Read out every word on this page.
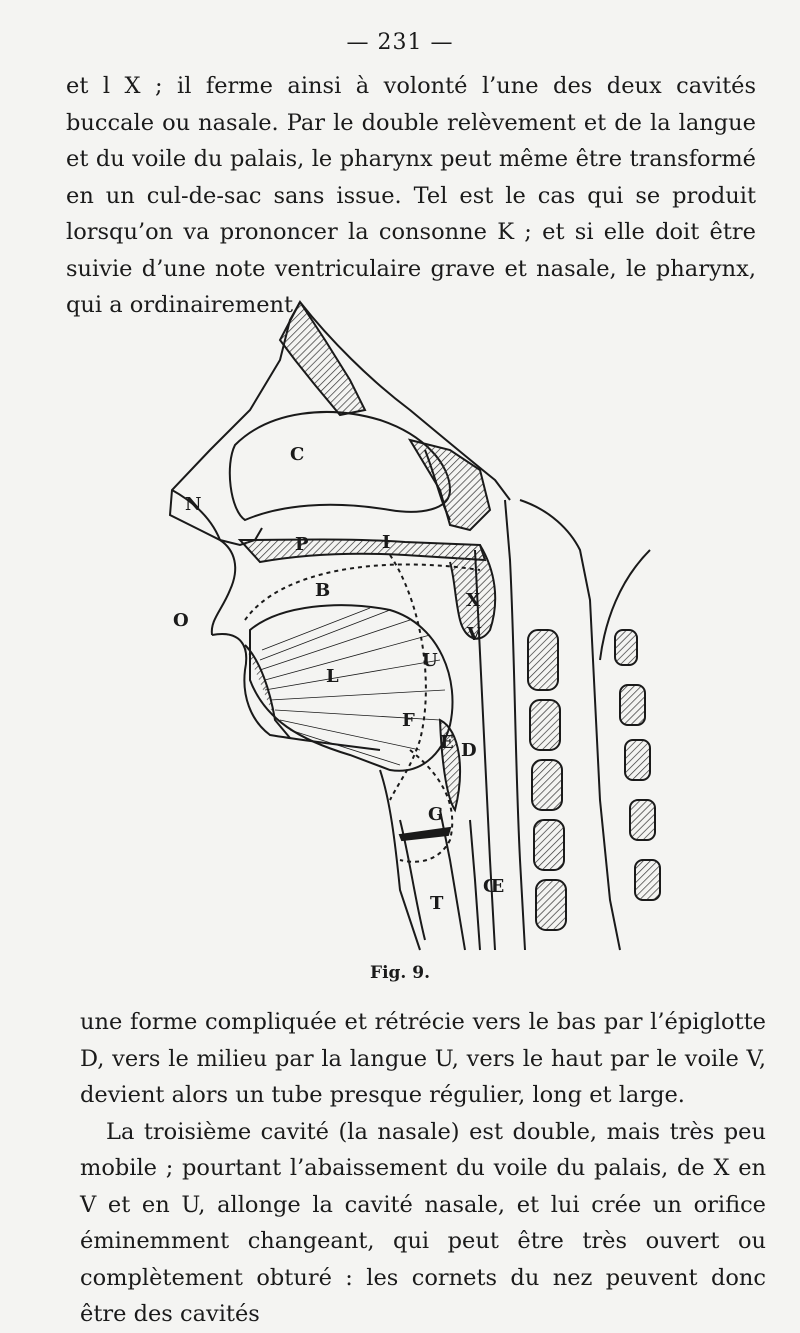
— 231 —

et l X ; il ferme ainsi à volonté l’une des deux cavités buccale ou nasale. Par le double relèvement et de la langue et du voile du palais, le pharynx peut même être transformé en un cul-de-sac sans issue. Tel est le cas qui se produit lorsqu’on va prononcer la consonne K ; et si elle doit être suivie d’une note ventriculaire grave et nasale, le pharynx, qui a ordinairement

C
N
P	I
B	X
O
V
U
L
F
E D
G
T
Œ
Fig. 9.

une forme compliquée et rétrécie vers le bas par l’épiglotte D, vers le milieu par la langue U, vers le haut par le voile V, devient alors un tube presque régulier, long et large.

La troisième cavité (la nasale) est double, mais très peu mobile ; pourtant l’abaissement du voile du palais, de X en V et en U, allonge la cavité nasale, et lui crée un orifice éminemment changeant, qui peut être très ouvert ou complètement obturé : les cornets du nez peuvent donc être des cavités
